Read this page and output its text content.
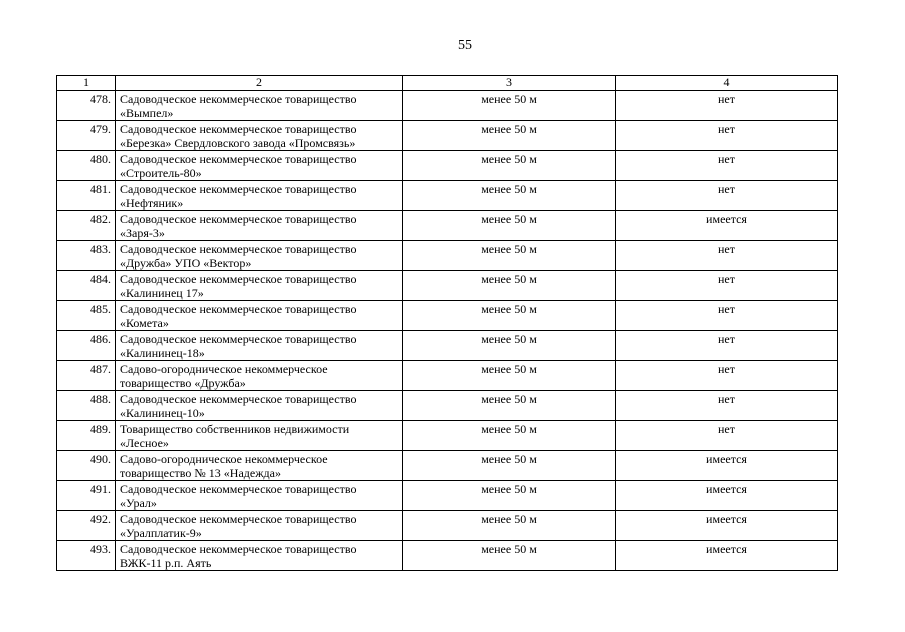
55
1	2	3	4
478.	Садоводческое некоммерческое товарищество
«Вымпел»	менее 50 м	нет
479.	Садоводческое некоммерческое товарищество
«Березка» Свердловского завода «Промсвязь»	менее 50 м	нет
480.	Садоводческое некоммерческое товарищество
«Строитель-80»	менее 50 м	нет
481.	Садоводческое некоммерческое товарищество
«Нефтяник»	менее 50 м	нет
482.	Садоводческое некоммерческое товарищество
«Заря-3»	менее 50 м	имеется
483.	Садоводческое некоммерческое товарищество
«Дружба» УПО «Вектор»	менее 50 м	нет
484.	Садоводческое некоммерческое товарищество
«Калининец 17»	менее 50 м	нет
485.	Садоводческое некоммерческое товарищество
«Комета»	менее 50 м	нет
486.	Садоводческое некоммерческое товарищество
«Калининец-18»	менее 50 м	нет
487.	Садово-огородническое некоммерческое
товарищество «Дружба»	менее 50 м	нет
488.	Садоводческое некоммерческое товарищество
«Калининец-10»	менее 50 м	нет
489.	Товарищество собственников недвижимости
«Лесное»	менее 50 м	нет
490.	Садово-огородническое некоммерческое
товарищество № 13 «Надежда»	менее 50 м	имеется
491.	Садоводческое некоммерческое товарищество
«Урал»	менее 50 м	имеется
492.	Садоводческое некоммерческое товарищество
«Уралплатик-9»	менее 50 м	имеется
493.	Садоводческое некоммерческое товарищество
ВЖК-11 р.п. Аять	менее 50 м	имеется
